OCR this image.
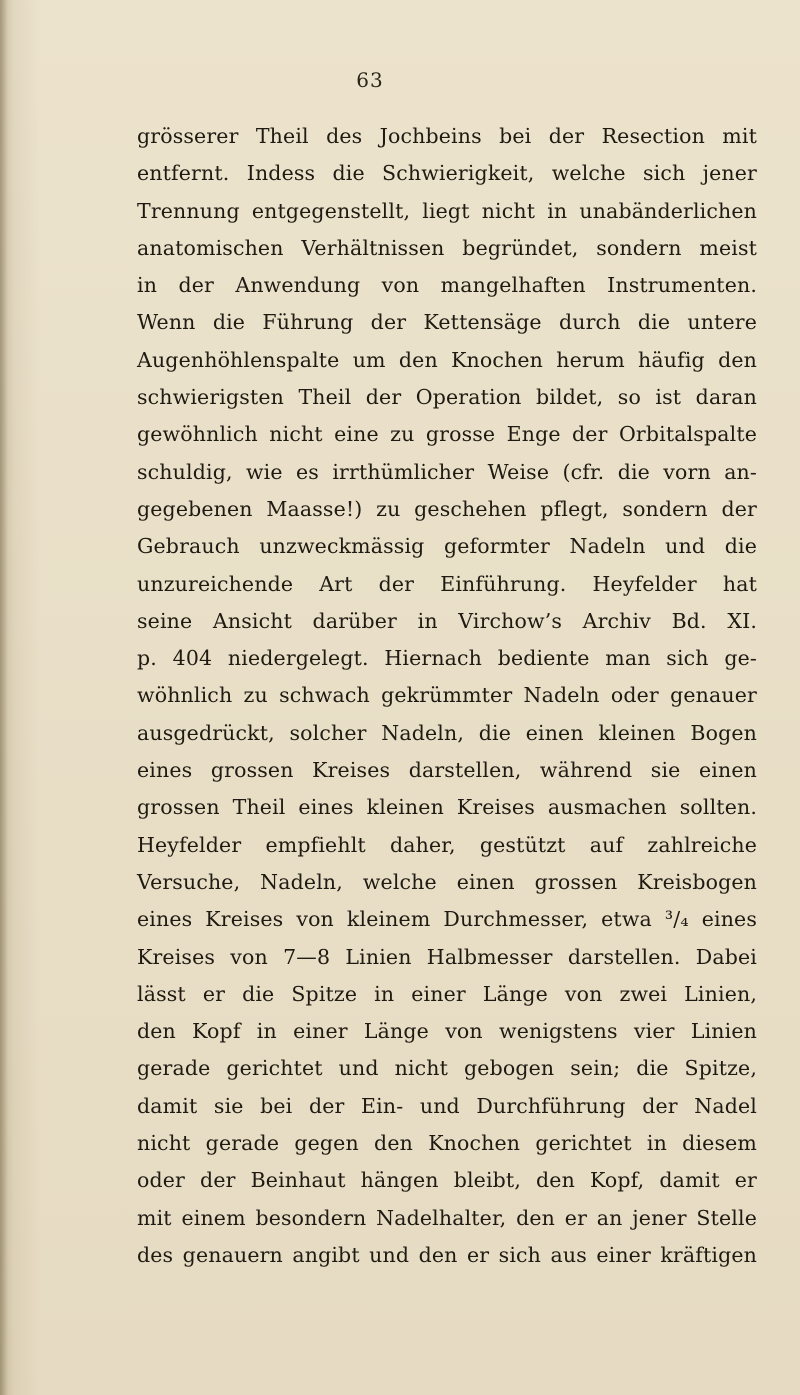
63
grösserer Theil des Jochbeins bei der Resection mit
entfernt. Indess die Schwierigkeit, welche sich jener
Trennung entgegenstellt, liegt nicht in unabänderlichen
anatomischen Verhältnissen begründet, sondern meist
in der Anwendung von mangelhaften Instrumenten.
Wenn die Führung der Kettensäge durch die untere
Augenhöhlenspalte um den Knochen herum häufig den
schwierigsten Theil der Operation bildet, so ist daran
gewöhnlich nicht eine zu grosse Enge der Orbitalspalte
schuldig, wie es irrthümlicher Weise (cfr. die vorn an-
gegebenen Maasse!) zu geschehen pflegt, sondern der
Gebrauch unzweckmässig geformter Nadeln und die
unzureichende Art der Einführung. Heyfelder hat
seine Ansicht darüber in Virchow’s Archiv Bd. XI.
p. 404 niedergelegt. Hiernach bediente man sich ge-
wöhnlich zu schwach gekrümmter Nadeln oder genauer
ausgedrückt, solcher Nadeln, die einen kleinen Bogen
eines grossen Kreises darstellen, während sie einen
grossen Theil eines kleinen Kreises ausmachen sollten.
Heyfelder empfiehlt daher, gestützt auf zahlreiche
Versuche, Nadeln, welche einen grossen Kreisbogen
eines Kreises von kleinem Durchmesser, etwa ³/₄ eines
Kreises von 7—8 Linien Halbmesser darstellen. Dabei
lässt er die Spitze in einer Länge von zwei Linien,
den Kopf in einer Länge von wenigstens vier Linien
gerade gerichtet und nicht gebogen sein; die Spitze,
damit sie bei der Ein- und Durchführung der Nadel
nicht gerade gegen den Knochen gerichtet in diesem
oder der Beinhaut hängen bleibt, den Kopf, damit er
mit einem besondern Nadelhalter, den er an jener Stelle
des genauern angibt und den er sich aus einer kräftigen
